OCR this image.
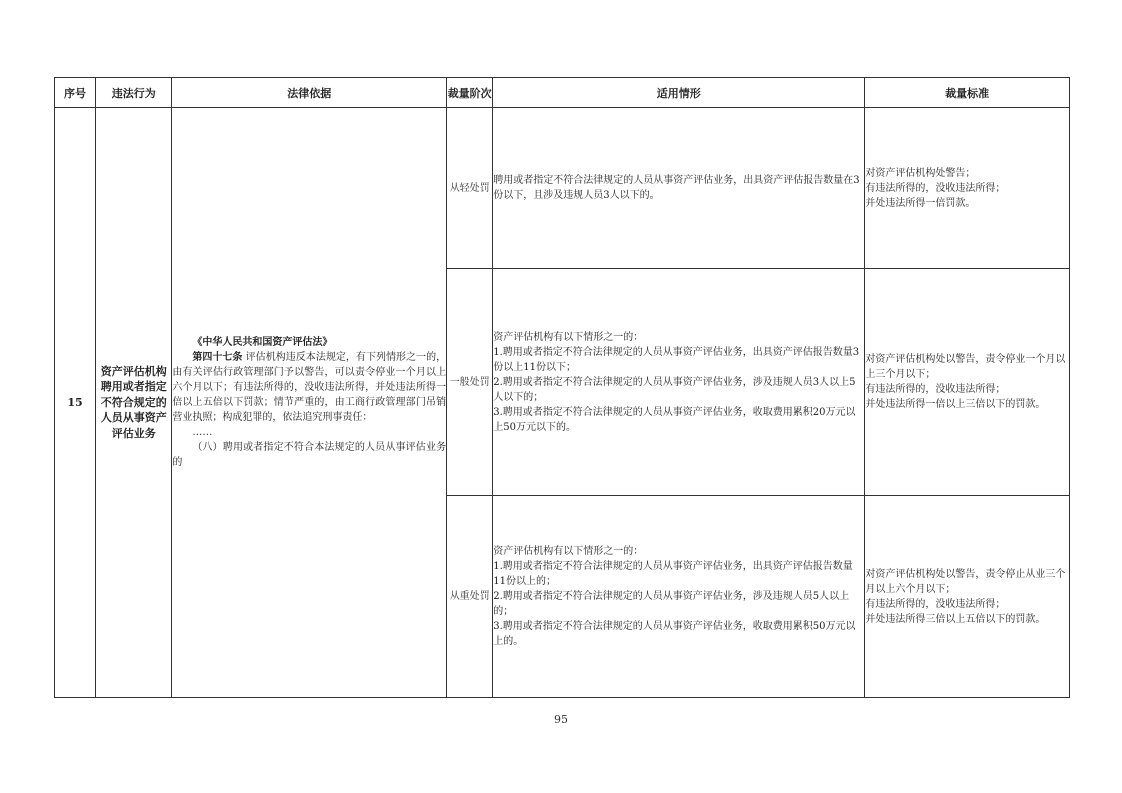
序号	违法行为	法律依据	裁量阶次	适用情形	裁量标准
15	资产评估机构聘用或者指定不符合规定的人员从事资产评估业务	《中华人民共和国资产评估法》
第四十七条 评估机构违反本法规定，有下列情形之一的，由有关评估行政管理部门予以警告，可以责令停业一个月以上六个月以下；有违法所得的，没收违法所得，并处违法所得一倍以上五倍以下罚款；情节严重的，由工商行政管理部门吊销营业执照；构成犯罪的，依法追究刑事责任：
……
（八）聘用或者指定不符合本法规定的人员从事评估业务的	从轻处罚	聘用或者指定不符合法律规定的人员从事资产评估业务，出具资产评估报告数量在3份以下，且涉及违规人员3人以下的。	对资产评估机构处警告；
有违法所得的，没收违法所得；
并处违法所得一倍罚款。

			一般处罚	资产评估机构有以下情形之一的：
1.聘用或者指定不符合法律规定的人员从事资产评估业务，出具资产评估报告数量3份以上11份以下；
2.聘用或者指定不符合法律规定的人员从事资产评估业务，涉及违规人员3人以上5人以下的；
3.聘用或者指定不符合法律规定的人员从事资产评估业务，收取费用累积20万元以上50万元以下的。	对资产评估机构处以警告，责令停业一个月以上三个月以下；
有违法所得的，没收违法所得；
并处违法所得一倍以上三倍以下的罚款。

			从重处罚	资产评估机构有以下情形之一的：
1.聘用或者指定不符合法律规定的人员从事资产评估业务，出具资产评估报告数量11份以上的；
2.聘用或者指定不符合法律规定的人员从事资产评估业务，涉及违规人员5人以上的；
3.聘用或者指定不符合法律规定的人员从事资产评估业务，收取费用累积50万元以上的。	对资产评估机构处以警告，责令停止从业三个月以上六个月以下；
有违法所得的，没收违法所得；
并处违法所得三倍以上五倍以下的罚款。
95
